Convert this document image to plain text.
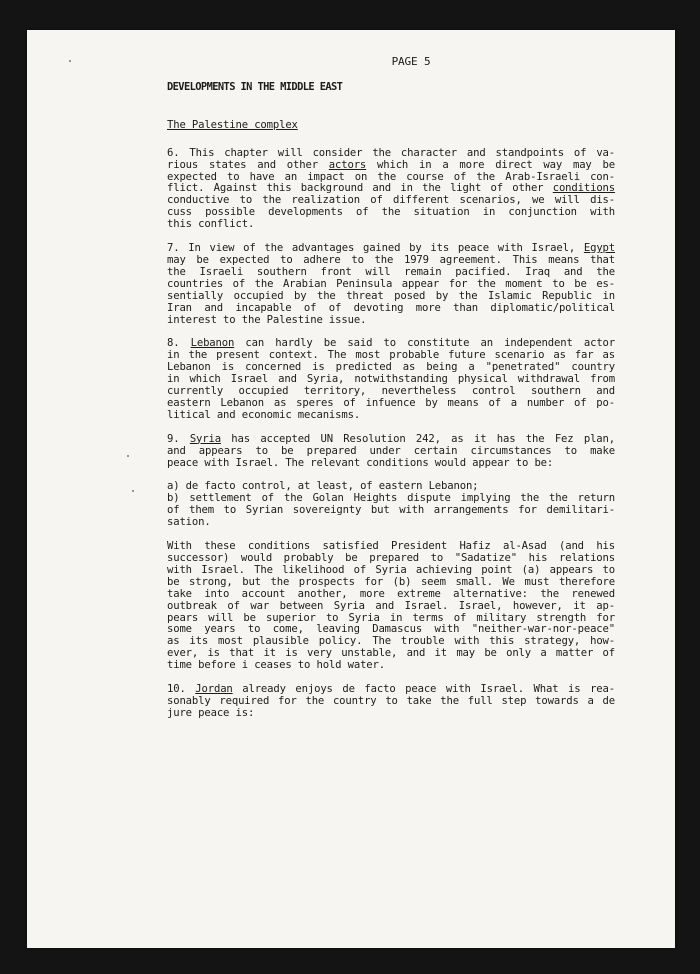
PAGE 5
DEVELOPMENTS IN THE MIDDLE EAST
The Palestine complex
6. This chapter will consider the character and standpoints of va-
rious states and other actors which in a more direct way may be
expected to have an impact on the course of the Arab-Israeli con-
flict. Against this background and in the light of other conditions
conductive to the realization of different scenarios, we will dis-
cuss possible developments of the situation in conjunction with
this conflict.
7. In view of the advantages gained by its peace with Israel, Egypt
may be expected to adhere to the 1979 agreement. This means that
the Israeli southern front will remain pacified. Iraq and the
countries of the Arabian Peninsula appear for the moment to be es-
sentially occupied by the threat posed by the Islamic Republic in
Iran and incapable of of devoting more than diplomatic/political
interest to the Palestine issue.
8. Lebanon can hardly be said to constitute an independent actor
in the present context. The most probable future scenario as far as
Lebanon is concerned is predicted as being a "penetrated" country
in which Israel and Syria, notwithstanding physical withdrawal from
currently occupied territory, nevertheless control southern and
eastern Lebanon as speres of infuence by means of a number of po-
litical and economic mecanisms.
9. Syria has accepted UN Resolution 242, as it has the Fez plan,
and appears to be prepared under certain circumstances to make
peace with Israel. The relevant conditions would appear to be:
a) de facto control, at least, of eastern Lebanon;
b) settlement of the Golan Heights dispute implying the the return
of them to Syrian sovereignty but with arrangements for demilitari-
sation.
With these conditions satisfied President Hafiz al-Asad (and his
successor) would probably be prepared to "Sadatize" his relations
with Israel. The likelihood of Syria achieving point (a) appears to
be strong, but the prospects for (b) seem small. We must therefore
take into account another, more extreme alternative: the renewed
outbreak of war between Syria and Israel. Israel, however, it ap-
pears will be superior to Syria in terms of military strength for
some years to come, leaving Damascus with "neither-war-nor-peace"
as its most plausible policy. The trouble with this strategy, how-
ever, is that it is very unstable, and it may be only a matter of
time before i ceases to hold water.
10. Jordan already enjoys de facto peace with Israel. What is rea-
sonably required for the country to take the full step towards a de
jure peace is:
